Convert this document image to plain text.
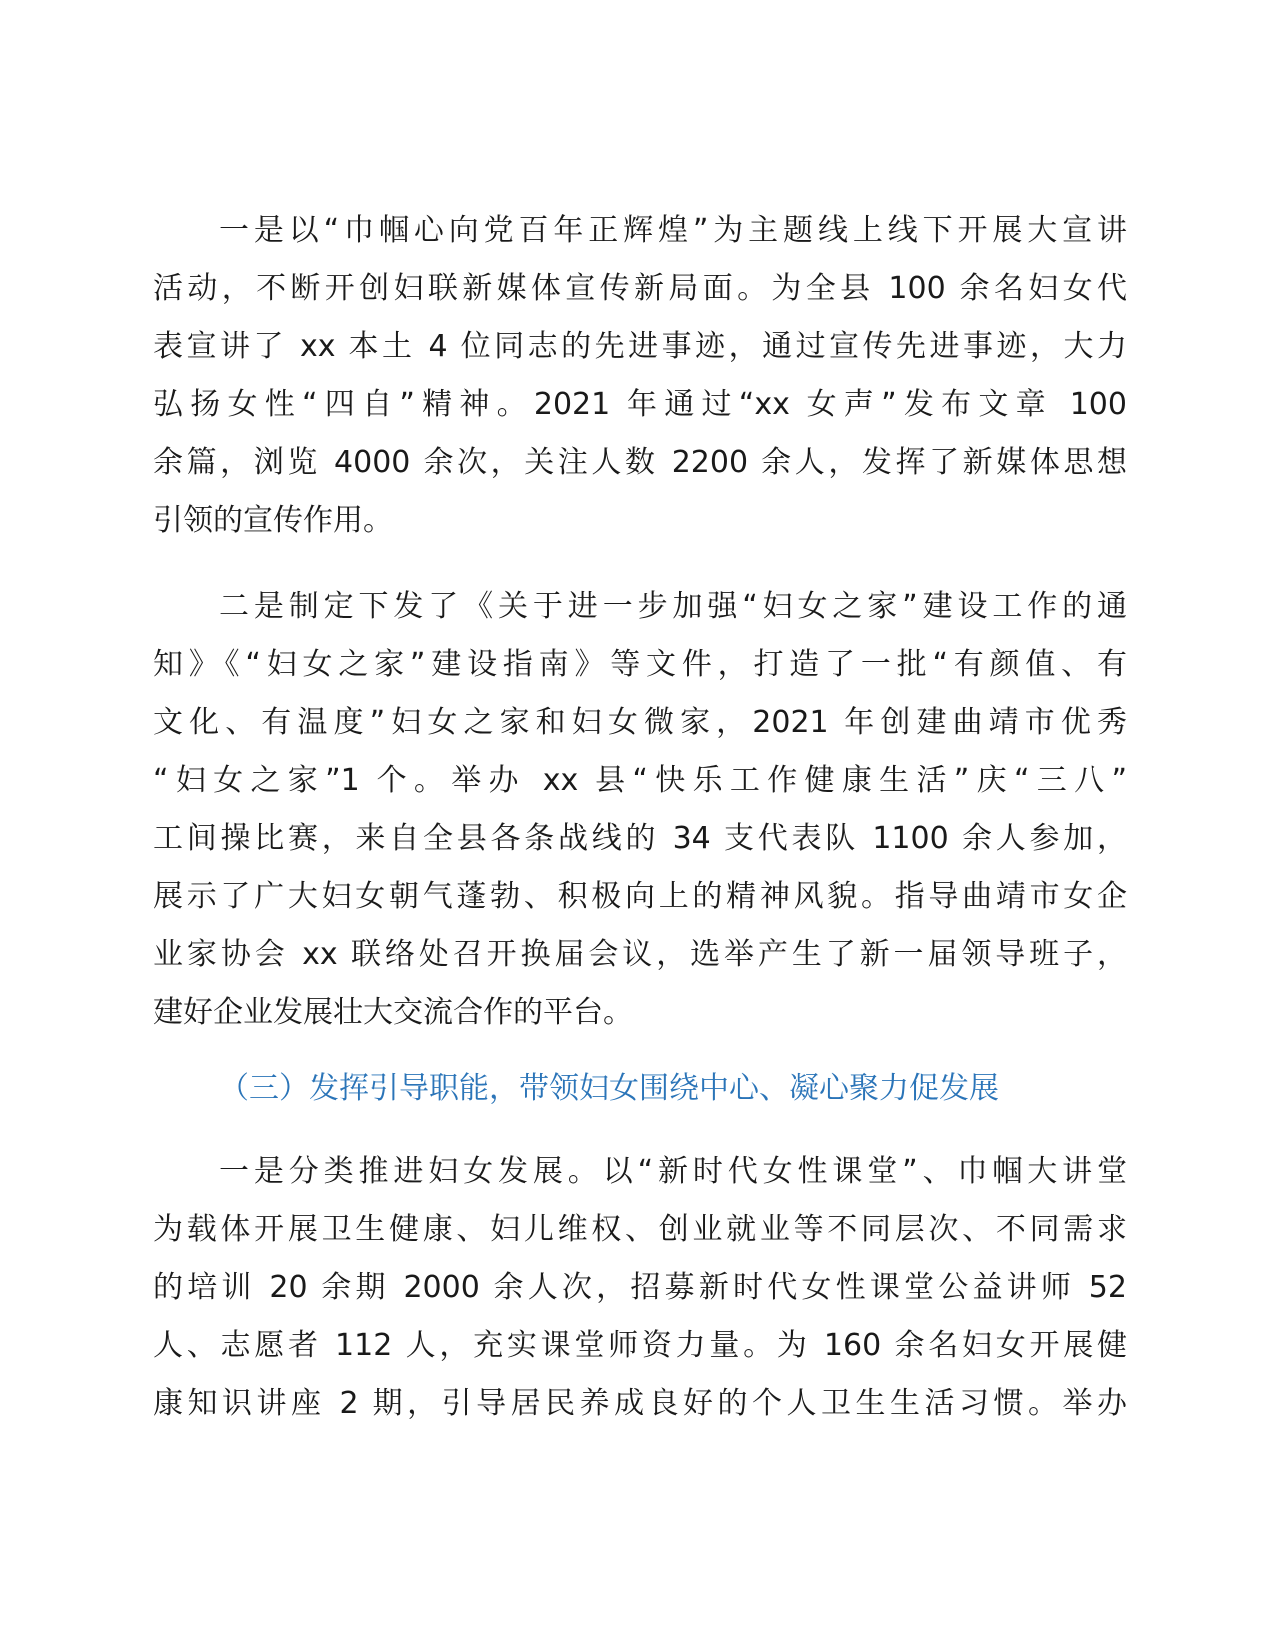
一是以“巾帼心向党百年正辉煌”为主题线上线下开展大宣讲
活动，不断开创妇联新媒体宣传新局面。为全县 100 余名妇女代
表宣讲了 xx 本土 4 位同志的先进事迹，通过宣传先进事迹，大力
弘扬女性“四自”精神。2021 年通过“xx 女声”发布文章 100
余篇，浏览 4000 余次，关注人数 2200 余人，发挥了新媒体思想
引领的宣传作用。
二是制定下发了《关于进一步加强“妇女之家”建设工作的通
知》《“妇女之家”建设指南》等文件，打造了一批“有颜值、有
文化、有温度”妇女之家和妇女微家，2021 年创建曲靖市优秀
“妇女之家”1 个。举办 xx 县“快乐工作健康生活”庆“三八”
工间操比赛，来自全县各条战线的 34 支代表队 1100 余人参加，
展示了广大妇女朝气蓬勃、积极向上的精神风貌。指导曲靖市女企
业家协会 xx 联络处召开换届会议，选举产生了新一届领导班子，
建好企业发展壮大交流合作的平台。
（三）发挥引导职能，带领妇女围绕中心、凝心聚力促发展
一是分类推进妇女发展。以“新时代女性课堂”、巾帼大讲堂
为载体开展卫生健康、妇儿维权、创业就业等不同层次、不同需求
的培训 20 余期 2000 余人次，招募新时代女性课堂公益讲师 52
人、志愿者 112 人，充实课堂师资力量。为 160 余名妇女开展健
康知识讲座 2 期，引导居民养成良好的个人卫生生活习惯。举办
